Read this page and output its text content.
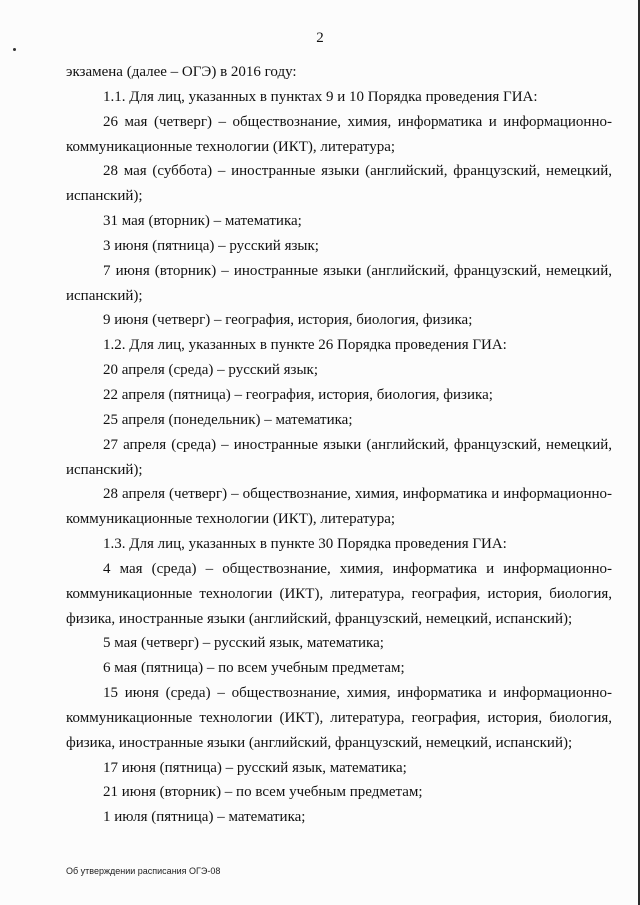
2
экзамена (далее – ОГЭ) в 2016 году:
1.1. Для лиц, указанных в пунктах 9 и 10 Порядка проведения ГИА:
26 мая (четверг) – обществознание, химия, информатика и информационно-
коммуникационные технологии (ИКТ), литература;
28 мая (суббота) – иностранные языки (английский, французский, немецкий,
испанский);
31 мая (вторник) – математика;
3 июня (пятница) – русский язык;
7 июня (вторник) – иностранные языки (английский, французский, немецкий,
испанский);
9 июня (четверг) – география, история, биология, физика;
1.2. Для лиц, указанных в пункте 26 Порядка проведения ГИА:
20 апреля (среда) – русский язык;
22 апреля (пятница) – география, история, биология, физика;
25 апреля (понедельник) – математика;
27 апреля (среда) – иностранные языки (английский, французский, немецкий,
испанский);
28 апреля (четверг) – обществознание, химия, информатика и информационно-
коммуникационные технологии (ИКТ), литература;
1.3. Для лиц, указанных в пункте 30 Порядка проведения ГИА:
4 мая (среда) – обществознание, химия, информатика и информационно-
коммуникационные технологии (ИКТ), литература, география, история, биология,
физика, иностранные языки (английский, французский, немецкий, испанский);
5 мая (четверг) – русский язык, математика;
6 мая (пятница) – по всем учебным предметам;
15 июня (среда) – обществознание, химия, информатика и информационно-
коммуникационные технологии (ИКТ), литература, география, история, биология,
физика, иностранные языки (английский, французский, немецкий, испанский);
17 июня (пятница) – русский язык, математика;
21 июня (вторник) – по всем учебным предметам;
1 июля (пятница) – математика;
Об утверждении расписания ОГЭ-08
